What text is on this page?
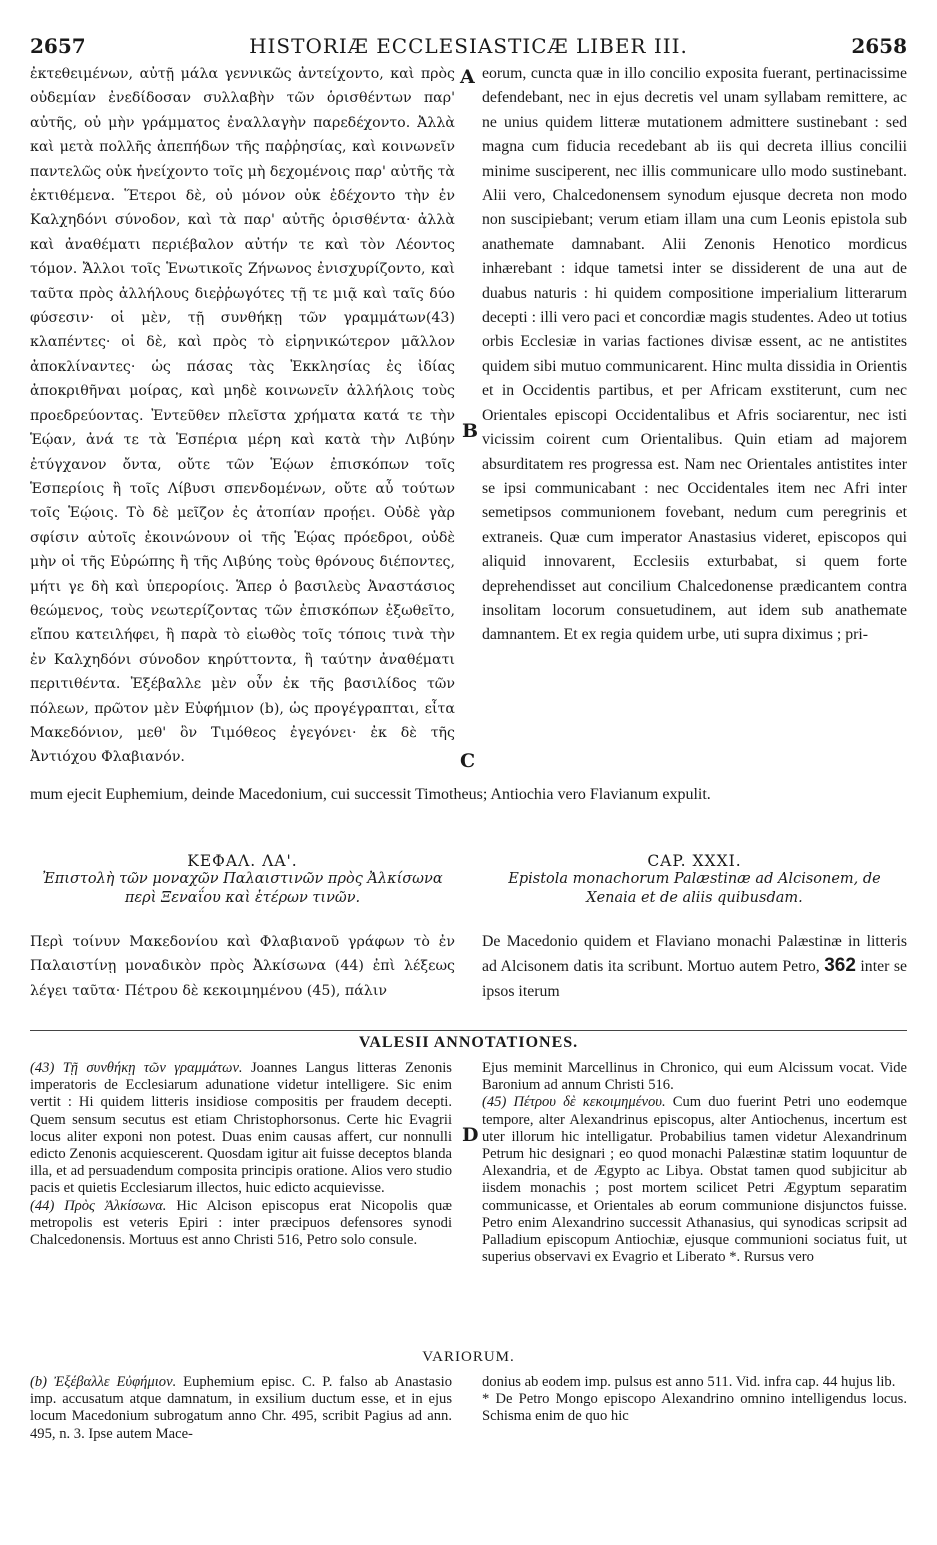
2657	HISTORIÆ ECCLESIASTICÆ LIBER III.	2658
ἐκτεθειμένων, αὐτῇ μάλα γεννικῶς ἀντείχοντο, καὶ πρὸς οὐδεμίαν ἐνεδίδοσαν συλλαβὴν τῶν ὁρισθέντων παρ' αὐτῆς, οὐ μὴν γράμματος ἐναλλαγὴν παρεδέχοντο. Ἀλλὰ καὶ μετὰ πολλῆς ἀπεπήδων τῆς παῤῥησίας, καὶ κοινωνεῖν παντελῶς οὐκ ἠνείχοντο τοῖς μὴ δεχομένοις παρ' αὐτῆς τὰ ἐκτιθέμενα. Ἕτεροι δὲ, οὐ μόνον οὐκ ἐδέχοντο τὴν ἐν Καλχηδόνι σύνοδον, καὶ τὰ παρ' αὐτῆς ὁρισθέντα· ἀλλὰ καὶ ἀναθέματι περιέβαλον αὐτήν τε καὶ τὸν Λέοντος τόμον. Ἄλλοι τοῖς Ἑνωτικοῖς Ζήνωνος ἐνισχυρίζοντο, καὶ ταῦτα πρὸς ἀλλήλους διεῤῥωγότες τῇ τε μιᾷ καὶ ταῖς δύο φύσεσιν· οἱ μὲν, τῇ συνθήκῃ τῶν γραμμάτων(43) κλαπέντες· οἱ δὲ, καὶ πρὸς τὸ εἰρηνικώτερον μᾶλλον ἀποκλίναντες· ὡς πάσας τὰς Ἐκκλησίας ἐς ἰδίας ἀποκριθῆναι μοίρας, καὶ μηδὲ κοινωνεῖν ἀλλήλοις τοὺς προεδρεύοντας. Ἐντεῦθεν πλεῖστα χρήματα κατά τε τὴν Ἑῴαν, ἀνά τε τὰ Ἑσπέρια μέρη καὶ κατὰ τὴν Λιβύην ἐτύγχανον ὄντα, οὔτε τῶν Ἑῴων ἐπισκόπων τοῖς Ἑσπερίοις ἢ τοῖς Λίβυσι σπενδομένων, οὔτε αὖ τούτων τοῖς Ἑῴοις. Τὸ δὲ μεῖζον ἐς ἀτοπίαν προῄει. Οὐδὲ γὰρ σφίσιν αὐτοῖς ἐκοινώνουν οἱ τῆς Ἑῴας πρόεδροι, οὐδὲ μὴν οἱ τῆς Εὐρώπης ἢ τῆς Λιβύης τοὺς θρόνους διέποντες, μήτι γε δὴ καὶ ὑπερορίοις. Ἅπερ ὁ βασιλεὺς Ἀναστάσιος θεώμενος, τοὺς νεωτερίζοντας τῶν ἐπισκόπων ἐξωθεῖτο, εἴπου κατειλήφει, ἢ παρὰ τὸ εἰωθὸς τοῖς τόποις τινὰ τὴν ἐν Καλχηδόνι σύνοδον κηρύττοντα, ἢ ταύτην ἀναθέματι περιτιθέντα. Ἐξέβαλλε μὲν οὖν ἐκ τῆς βασιλίδος τῶν πόλεων, πρῶτον μὲν Εὐφήμιον (b), ὡς προγέγραπται, εἶτα Μακεδόνιον, μεθ' ὃν Τιμόθεος ἐγεγόνει· ἐκ δὲ τῆς Ἀντιόχου Φλαβιανόν.
eorum, cuncta quæ in illo concilio exposita fuerant, pertinacissime defendebant, nec in ejus decretis vel unam syllabam remittere, ac ne unius quidem litteræ mutationem admittere sustinebant : sed magna cum fiducia recedebant ab iis qui decreta illius concilii minime susciperent, nec illis communicare ullo modo sustinebant. Alii vero, Chalcedonensem synodum ejusque decreta non modo non suscipiebant; verum etiam illam una cum Leonis epistola sub anathemate damnabant. Alii Zenonis Henotico mordicus inhærebant : idque tametsi inter se dissiderent de una aut de duabus naturis : hi quidem compositione imperialium litterarum decepti : illi vero paci et concordiæ magis studentes. Adeo ut totius orbis Ecclesiæ in varias factiones divisæ essent, ac ne antistites quidem sibi mutuo communicarent. Hinc multa dissidia in Orientis et in Occidentis partibus, et per Africam exstiterunt, cum nec Orientales episcopi Occidentalibus et Afris sociarentur, nec isti vicissim coirent cum Orientalibus. Quin etiam ad majorem absurditatem res progressa est. Nam nec Orientales antistites inter se ipsi communicabant : nec Occidentales item nec Afri inter semetipsos communionem fovebant, nedum cum peregrinis et extraneis. Quæ cum imperator Anastasius videret, episcopos qui aliquid innovarent, Ecclesiis exturbabat, si quem forte deprehendisset aut concilium Chalcedonense prædicantem contra insolitam locorum consuetudinem, aut idem sub anathemate damnantem. Et ex regia quidem urbe, uti supra diximus ; pri-
A
B
C
mum ejecit Euphemium, deinde Macedonium, cui successit Timotheus; Antiochia vero Flavianum expulit.
ΚΕΦΑΛ. ΛΑ'.
Ἐπιστολὴ τῶν μοναχῶν Παλαιστινῶν πρὸς Ἀλκίσωνα περὶ Ξεναΐου καὶ ἑτέρων τινῶν.
CAP. XXXI.
Epistola monachorum Palæstinæ ad Alcisonem, de Xenaia et de aliis quibusdam.
Περὶ τοίνυν Μακεδονίου καὶ Φλαβιανοῦ γράφων τὸ ἐν Παλαιστίνῃ μοναδικὸν πρὸς Ἀλκίσωνα (44) ἐπὶ λέξεως λέγει ταῦτα· Πέτρου δὲ κεκοιμημένου (45), πάλιν
De Macedonio quidem et Flaviano monachi Palæstinæ in litteris ad Alcisonem datis ita scribunt. Mortuo autem Petro, 362 inter se ipsos iterum
VALESII ANNOTATIONES.
(43) Τῇ συνθήκῃ τῶν γραμμάτων. Joannes Langus litteras Zenonis imperatoris de Ecclesiarum adunatione videtur intelligere. Sic enim vertit : Hi quidem litteris insidiose compositis per fraudem decepti. Quem sensum secutus est etiam Christophorsonus. Certe hic Evagrii locus aliter exponi non potest. Duas enim causas affert, cur nonnulli edicto Zenonis acquiescerent. Quosdam igitur ait fuisse deceptos blanda illa, et ad persuadendum composita principis oratione. Alios vero studio pacis et quietis Ecclesiarum illectos, huic edicto acquievisse.
(44) Πρὸς Ἀλκίσωνα. Hic Alcison episcopus erat Nicopolis quæ metropolis est veteris Epiri : inter præcipuos defensores synodi Chalcedonensis. Mortuus est anno Christi 516, Petro solo consule.
Ejus meminit Marcellinus in Chronico, qui eum Alcissum vocat. Vide Baronium ad annum Christi 516.
(45) Πέτρου δὲ κεκοιμημένου. Cum duo fuerint Petri uno eodemque tempore, alter Alexandrinus episcopus, alter Antiochenus, incertum est uter illorum hic intelligatur. Probabilius tamen videtur Alexandrinum Petrum hic designari ; eo quod monachi Palæstinæ statim loquuntur de Alexandria, et de Ægypto ac Libya. Obstat tamen quod subjicitur ab iisdem monachis ; post mortem scilicet Petri Ægyptum separatim communicasse, et Orientales ab eorum communione disjunctos fuisse. Petro enim Alexandrino successit Athanasius, qui synodicas scripsit ad Palladium episcopum Antiochiæ, ejusque communioni sociatus fuit, ut superius observavi ex Evagrio et Liberato *. Rursus vero
D
VARIORUM.
(b) Ἐξέβαλλε Εὐφήμιον. Euphemium episc. C. P. falso ab Anastasio imp. accusatum atque damnatum, in exsilium ductum esse, et in ejus locum Macedonium subrogatum anno Chr. 495, scribit Pagius ad ann. 495, n. 3. Ipse autem Mace-
donius ab eodem imp. pulsus est anno 511. Vid. infra cap. 44 hujus lib.
* De Petro Mongo episcopo Alexandrino omnino intelligendus locus. Schisma enim de quo hic
